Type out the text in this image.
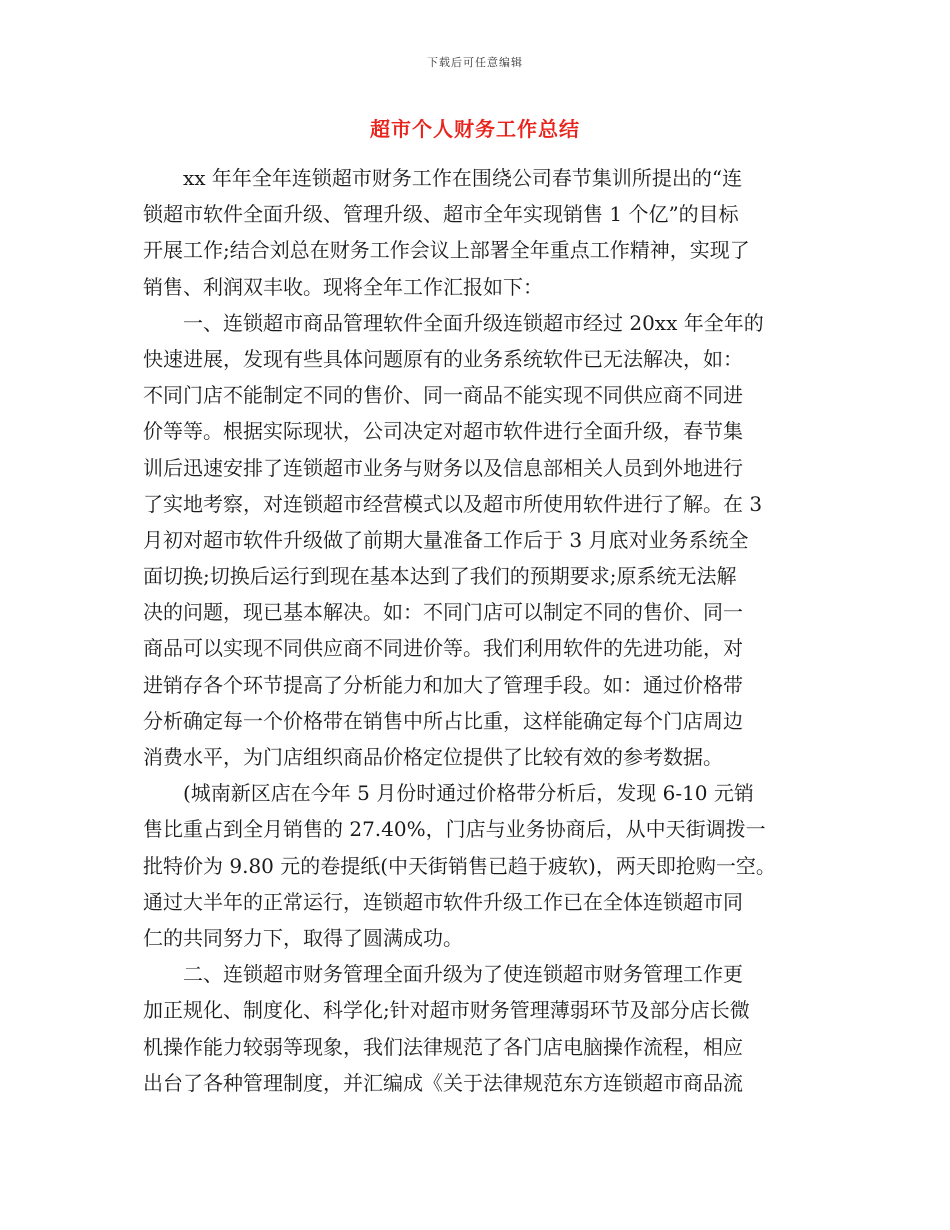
下载后可任意编辑
超市个人财务工作总结
xx 年年全年连锁超市财务工作在围绕公司春节集训所提出的“连
锁超市软件全面升级、管理升级、超市全年实现销售 1 个亿”的目标
开展工作;结合刘总在财务工作会议上部署全年重点工作精神，实现了
销售、利润双丰收。现将全年工作汇报如下：
一、连锁超市商品管理软件全面升级连锁超市经过 20xx 年全年的
快速进展，发现有些具体问题原有的业务系统软件已无法解决，如：
不同门店不能制定不同的售价、同一商品不能实现不同供应商不同进
价等等。根据实际现状，公司决定对超市软件进行全面升级，春节集
训后迅速安排了连锁超市业务与财务以及信息部相关人员到外地进行
了实地考察，对连锁超市经营模式以及超市所使用软件进行了解。在 3
月初对超市软件升级做了前期大量准备工作后于 3 月底对业务系统全
面切换;切换后运行到现在基本达到了我们的预期要求;原系统无法解
决的问题，现已基本解决。如：不同门店可以制定不同的售价、同一
商品可以实现不同供应商不同进价等。我们利用软件的先进功能，对
进销存各个环节提高了分析能力和加大了管理手段。如：通过价格带
分析确定每一个价格带在销售中所占比重，这样能确定每个门店周边
消费水平，为门店组织商品价格定位提供了比较有效的参考数据。
(城南新区店在今年 5 月份时通过价格带分析后，发现 6-10 元销
售比重占到全月销售的 27.40%，门店与业务协商后，从中天街调拨一
批特价为 9.80 元的卷提纸(中天街销售已趋于疲软)，两天即抢购一空。
通过大半年的正常运行，连锁超市软件升级工作已在全体连锁超市同
仁的共同努力下，取得了圆满成功。
二、连锁超市财务管理全面升级为了使连锁超市财务管理工作更
加正规化、制度化、科学化;针对超市财务管理薄弱环节及部分店长微
机操作能力较弱等现象，我们法律规范了各门店电脑操作流程，相应
出台了各种管理制度，并汇编成《关于法律规范东方连锁超市商品流
